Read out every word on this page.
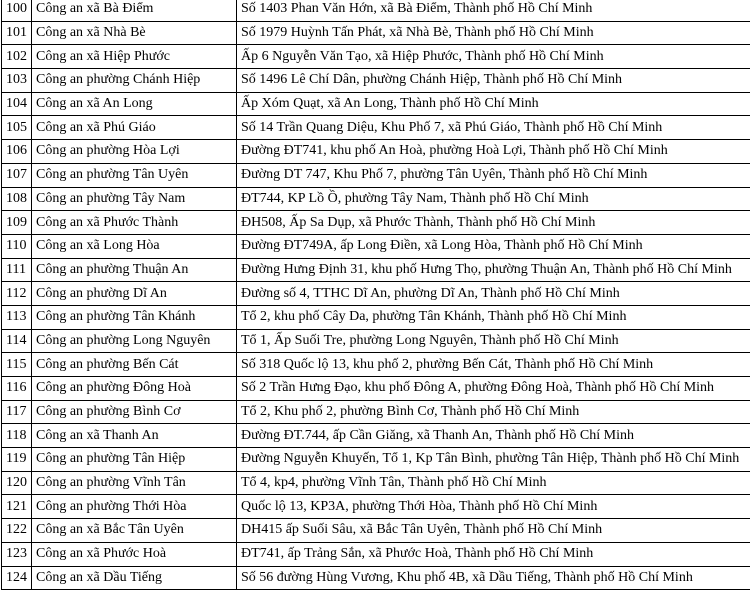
100	Công an xã Bà Điểm	Số 1403 Phan Văn Hớn, xã Bà Điểm, Thành phố Hồ Chí Minh
101	Công an xã Nhà Bè	Số 1979 Huỳnh Tấn Phát, xã Nhà Bè, Thành phố Hồ Chí Minh
102	Công an xã Hiệp Phước	Ấp 6 Nguyễn Văn Tạo, xã Hiệp Phước, Thành phố Hồ Chí Minh
103	Công an phường Chánh Hiệp	Số 1496 Lê Chí Dân, phường Chánh Hiệp, Thành phố Hồ Chí Minh
104	Công an xã An Long	Ấp Xóm Quạt, xã An Long, Thành phố Hồ Chí Minh
105	Công an xã Phú Giáo	Số 14 Trần Quang Diệu, Khu Phố 7, xã Phú Giáo, Thành phố Hồ Chí Minh
106	Công an phường Hòa Lợi	Đường ĐT741, khu phố An Hoà, phường Hoà Lợi, Thành phố Hồ Chí Minh
107	Công an phường Tân Uyên	Đường DT 747, Khu Phố 7, phường Tân Uyên, Thành phố Hồ Chí Minh
108	Công an phường Tây Nam	ĐT744, KP Lồ Ồ, phường Tây Nam, Thành phố Hồ Chí Minh
109	Công an xã Phước Thành	ĐH508, Ấp Sa Dụp, xã Phước Thành, Thành phố Hồ Chí Minh
110	Công an xã Long Hòa	Đường ĐT749A, ấp Long Điền, xã Long Hòa, Thành phố Hồ Chí Minh
111	Công an phường Thuận An	Đường Hưng Định 31, khu phố Hưng Thọ, phường Thuận An, Thành phố Hồ Chí Minh
112	Công an phường Dĩ An	Đường số 4, TTHC Dĩ An, phường Dĩ An, Thành phố Hồ Chí Minh
113	Công an phường Tân Khánh	Tổ 2, khu phố Cây Da, phường Tân Khánh, Thành phố Hồ Chí Minh
114	Công an phường Long Nguyên	Tổ 1, Ấp Suối Tre, phường Long Nguyên, Thành phố Hồ Chí Minh
115	Công an phường Bến Cát	Số 318 Quốc lộ 13, khu phố 2, phường Bến Cát, Thành phố Hồ Chí Minh
116	Công an phường Đông Hoà	Số 2 Trần Hưng Đạo, khu phố Đông A, phường Đông Hoà, Thành phố Hồ Chí Minh
117	Công an phường Bình Cơ	Tổ 2, Khu phố 2, phường Bình Cơ, Thành phố Hồ Chí Minh
118	Công an xã Thanh An	Đường ĐT.744, ấp Cần Giăng, xã Thanh An, Thành phố Hồ Chí Minh
119	Công an phường Tân Hiệp	Đường Nguyễn Khuyến, Tổ 1, Kp Tân Bình, phường Tân Hiệp, Thành phố Hồ Chí Minh
120	Công an phường Vĩnh Tân	Tổ 4, kp4, phường Vĩnh Tân, Thành phố Hồ Chí Minh
121	Công an phường Thới Hòa	Quốc lộ 13, KP3A, phường Thới Hòa, Thành phố Hồ Chí Minh
122	Công an xã Bắc Tân Uyên	DH415 ấp Suối Sâu, xã Bắc Tân Uyên, Thành phố Hồ Chí Minh
123	Công an xã Phước Hoà	ĐT741, ấp Trảng Sắn, xã Phước Hoà, Thành phố Hồ Chí Minh
124	Công an xã Dầu Tiếng	Số 56 đường Hùng Vương, Khu phố 4B, xã Dầu Tiếng, Thành phố Hồ Chí Minh
